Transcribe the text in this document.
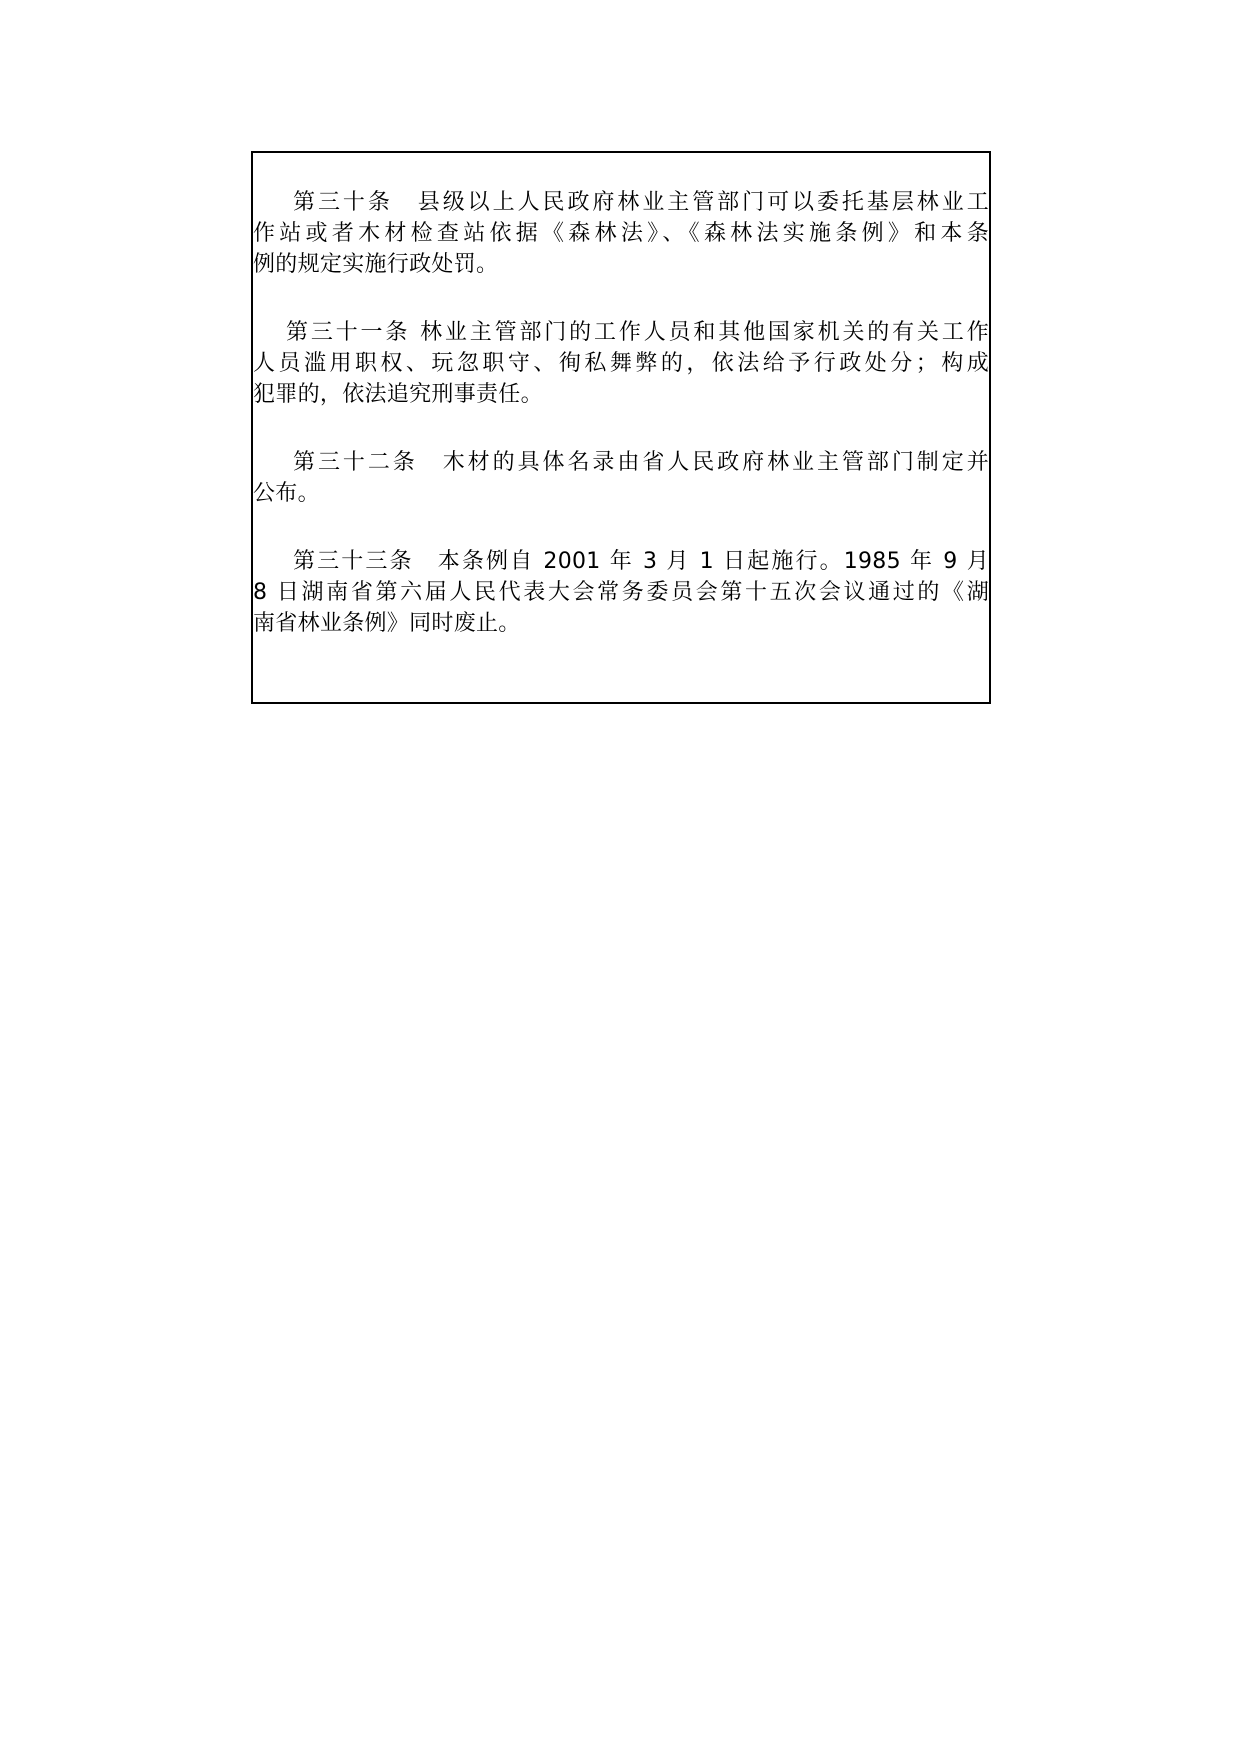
第三十条　县级以上人民政府林业主管部门可以委托基层林业工
作站或者木材检查站依据《森林法》、《森林法实施条例》和本条
例的规定实施行政处罚。
第三十一条 林业主管部门的工作人员和其他国家机关的有关工作
人员滥用职权、玩忽职守、徇私舞弊的，依法给予行政处分；构成
犯罪的，依法追究刑事责任。
第三十二条　木材的具体名录由省人民政府林业主管部门制定并
公布。
第三十三条　本条例自 2001 年 3 月 1 日起施行。1985 年 9 月
8 日湖南省第六届人民代表大会常务委员会第十五次会议通过的《湖
南省林业条例》同时废止。
